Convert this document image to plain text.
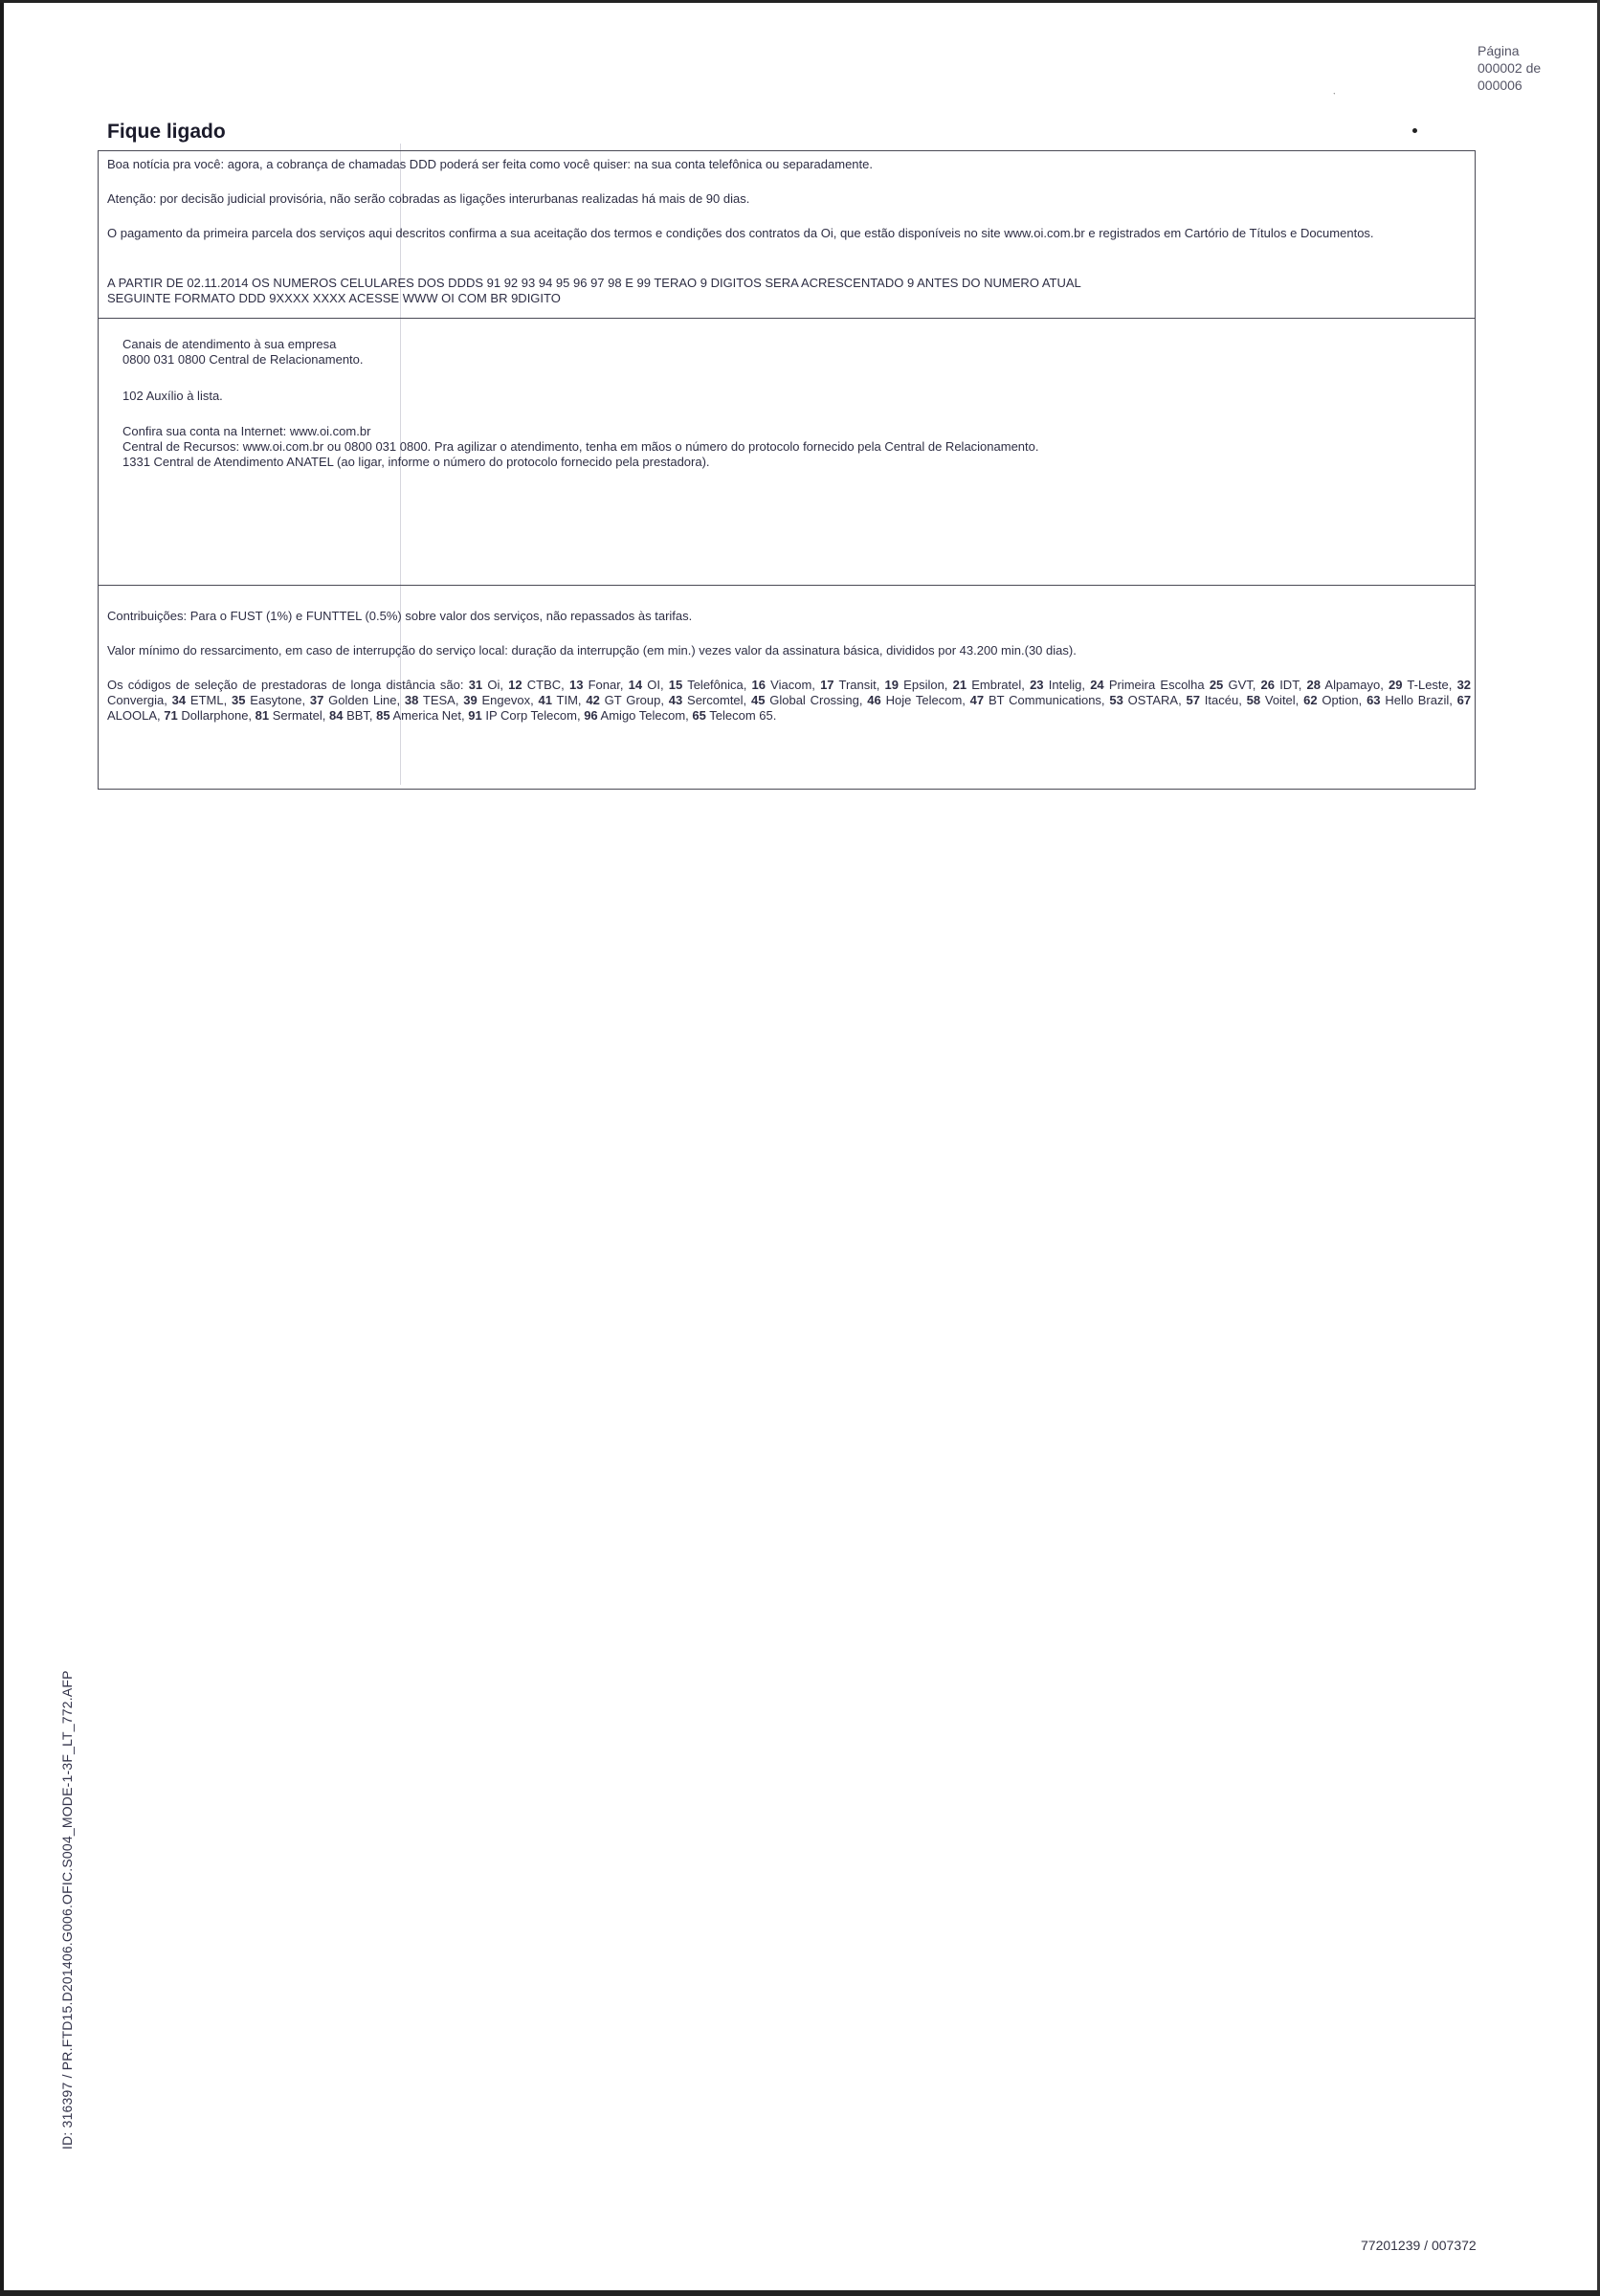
·
Página
000002 de
000006
Fique ligado
Boa notícia pra você: agora, a cobrança de chamadas DDD poderá ser feita como você quiser: na sua conta telefônica ou separadamente.
Atenção: por decisão judicial provisória, não serão cobradas as ligações interurbanas realizadas há mais de 90 dias.
O pagamento da primeira parcela dos serviços aqui descritos confirma a sua aceitação dos termos e condições dos contratos da Oi, que estão disponíveis no site www.oi.com.br e registrados em Cartório de Títulos e Documentos.
A PARTIR DE 02.11.2014 OS NUMEROS CELULARES DOS DDDS 91 92 93 94 95 96 97 98 E 99 TERAO 9 DIGITOS SERA ACRESCENTADO 9 ANTES DO NUMERO ATUAL
SEGUINTE FORMATO DDD 9XXXX XXXX ACESSE WWW OI COM BR 9DIGITO
Canais de atendimento à sua empresa
0800 031 0800 Central de Relacionamento.
102 Auxílio à lista.
Confira sua conta na Internet: www.oi.com.br
Central de Recursos: www.oi.com.br ou 0800 031 0800. Pra agilizar o atendimento, tenha em mãos o número do protocolo fornecido pela Central de Relacionamento.
1331 Central de Atendimento ANATEL (ao ligar, informe o número do protocolo fornecido pela prestadora).
Contribuições: Para o FUST (1%) e FUNTTEL (0.5%) sobre valor dos serviços, não repassados às tarifas.
Valor mínimo do ressarcimento, em caso de interrupção do serviço local: duração da interrupção (em min.) vezes valor da assinatura básica, divididos por 43.200 min.(30 dias).
Os códigos de seleção de prestadoras de longa distância são: 31 Oi, 12 CTBC, 13 Fonar, 14 OI, 15 Telefônica, 16 Viacom, 17 Transit, 19 Epsilon, 21 Embratel, 23 Intelig, 24 Primeira Escolha 25 GVT, 26 IDT, 28 Alpamayo, 29 T-Leste, 32 Convergia, 34 ETML, 35 Easytone, 37 Golden Line, 38 TESA, 39 Engevox, 41 TIM, 42 GT Group, 43 Sercomtel, 45 Global Crossing, 46 Hoje Telecom, 47 BT Communications, 53 OSTARA, 57 Itacéu, 58 Voitel, 62 Option, 63 Hello Brazil, 67 ALOOLA, 71 Dollarphone, 81 Sermatel, 84 BBT, 85 America Net, 91 IP Corp Telecom, 96 Amigo Telecom, 65 Telecom 65.
ID: 316397 / PR.FTD15.D201406.G006.OFIC.S004_MODE-1-3F_LT_772.AFP
77201239 / 007372
